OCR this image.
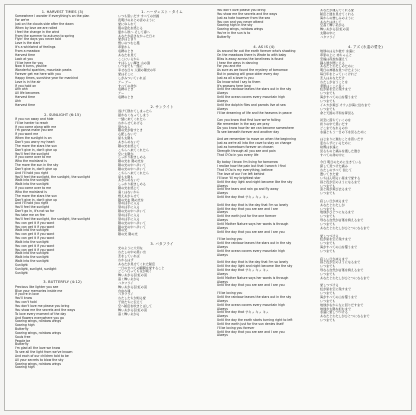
1. HARVEST TIMES (3)
Somewhere I wonder if everything's on the plan
For we're
Just on the clouds side after the dawn
When by love we are rolled
I feel the change in the wind
From the summer to autumn to spring
Flyin' the days you never told
Love is the start
It's a whirlwind of feelings
From a meadow
Harvest time
Look at you
I'll be here for you
Now it turns, youlike
Wonderful sparkles, mountain peaks
Forever get me here with you
Happy times, sunshine year for mankind
Love is in the air
If you hold on
Ahh ahh
All life becomes
Harvest time
Ahh
Harvest time
2. SUNLIGHT (6:15)
If you run away and hide
I'll be harder to reach
If you come along with me
I'm gonna make you see
If you want me
When the sunlight is on
Don't you worry my heart
The more the stars the sun
Don't give in, don't give up
You'll feel the sunlight
If you come over to me
Who the mainland is
The more the sun in the sky
Don't give in, don't give up
And I'll hold you right
You'll feel the sunlight, the sunlight, the sunlight
Walk into the sunlight
Walk into the sunlight
If you come over to me
Who the mainland is
The more the stars the sun
Don't give in, don't give up
And I'll hold you right
You'll feel the sunlight
Don't go in, it's not so far
You take me on fire
You'll feel the sunlight, the sunlight, the sunlight
You can get it if you want
You can get it if you want
Walk into the sunlight
You can get it if you want
You can get it if you want
Walk into the sunlight
You can get it if you want
You can get it if you want
Walk into the sunlight
Walk into the sunlight
Walk into the sunlight
Sunlight
Sunlight, sunlight, sunlight
Sunlight
3. BUTTERFLY (4:12)
Precious like lighter you see
Blue your memories inside me
If you're in love
You'll know
You can't hold
You don't love me please you bring
You show me the secrets and the ways
To love every moment of the day
And flowers everywhere you go
Soaring wings, rainbow wings
Soaring high
Butterfly
Soaring wings, rainbow wings
Souls free
People be
Butterfly
I'm glad all the love we know
To see all the light from we've known
And each of our children told to be
All your secrets to blow the sky
Soaring wings, rainbow wings
Soaring high
1. ハーヴェスト・タイム
いつも思いだす すべての計画
夜明けのあとの雲のように
愛にゆられて
風の変化を感じる
夏から秋へ そして春へ
あなたが話さなかった日々
愛がはじまり
想いのつむじ風
草原から
収穫のとき
あなたを見て
ここにいるから
すばらしい輝き 山の頂
いつまでも一緒に
幸せな日々 人類の陽光の年
愛はそこに
しがみついていれば
アー アー
すべての命が
収穫のとき
アー
収穫のとき
2. サンライト
逃げて隠れてしまったら
届かなくなってしまう
一緒に来てくれたら
わからせてあげる
望むなら
陽の光が射すとき
心配しないで
星も太陽も
あきらめないで
陽の光を感じて
こちらへ来てくれたら
空に太陽が
しっかり抱きしめる
陽の光を 陽の光を
陽の光の中へ歩いて
陽の光の中へ歩いて
こちらへ来てくれたら
星も太陽も
あきらめないで
しっかり抱きしめる
陽の光を感じて
遠くはないから
燃えあがらせて
陽の光を 陽の光を
望めば手に入る
望めば手に入る
陽の光の中へ歩いて
望めば手に入る
望めば手に入る
陽の光の中へ歩いて
陽の光の中へ歩いて
陽の光
陽の光 陽の光
3. バタフライ
光のように大切な
わたしの中の思い出
恋をしていれば
わかるはず
あなたが見せてくれた秘密
一日のすべての瞬間を愛すること
どこへ行っても花が咲く
舞いあがる羽 虹の羽
高く舞いあがる
バタフライ
舞いあがる羽 虹の羽
自由な魂
バタフライ
わたしたちが知る愛
子供たちに伝えて
空へ秘密を吹きとばして
舞いあがる羽 虹の羽
高く舞いあがる
You don't love please you bring
You show me the secrets and the ways
Just as hate however from the sea
You can and you never attend
Soaring high in the sky
Soaring wings, rainbow wings
You're in the sun is to
Butterfly
4. AS IS (4)
As around far out the earth forever who's shooting
On the meadows there is Wrote to with baby
Bliss is away across the loneliness is found
I hear the ways in dancing
For you and me
As sure as we found the mystery of tomorrow
But in passing will grow older every day
Just as all a lover is you
Do know what I say to them
It's seasons here long
Until the rainbow leaves the stars out in the sky
Always
Until the ocean covers every mountain high
Always
Until the dolphin flies and parrots live at sea
Always
I'll be dreaming of life and the heavens in peace
Can you know that first love we're falling
We remember in the way we pray
Do you know how far we can become somewhere
To see beneath forever and another day
And we remember to move on when the beginning
Just as we're all into the cave to stay on change
Just as hometown forever on chosen
Strength through all you see and pain
That O'Oo in you every life
By today I know I'm living for tomorrow
I realize how the pain but that I search I find
That O'Oo is my everything, believe
The love of our I've left behind
I'll love 'til my brightest star
Until the day light and night become like the sky
Always
Until the tears and rain go and fly away
Always
Until the day that サキュ キュ キュ
Until the day that is the day that I'm so lonely
Until the day that you are see and I are
Always
Until the earth just for the one forever
Always
Until Mother Nature says her words is through
Always
Until the day that you are see and I are you
I'll be loving you
Until the rainbow leaves the stars out in the sky
Always
Until the ocean covers every mountain high
Always
Until the day that is the day that I'm so lonely
Until the day light and night become like the sky
Until the day that サキュ キュ キュ
Always
Until Mother Nature says her words is through
Always
Until the day that you are see and I are you
I'll be loving you
Until the rainbow leaves the stars out in the sky
Always
Until the ocean covers every mountain high
Always
Until the day that サキュ キュ キュ
Always
Until the day the earth starts turning right to left
Until the earth just for the sun denies itself
I'll be loving you forever
Until the day that you are see and I are you
Always
あなたが運んでくれる愛
秘密と道を見せてくれる
海からの憎しみのように
あなたは決して
空高く舞いあがる
舞いあがる羽 虹の羽
太陽の中に
バタフライ
4. アズ (永遠の愛を)
地球のはるか彼方 永遠に
草原の上に 赤ちゃんと
至福は孤独を越えて
踊る道が聞こえる
あなたとわたしのために
明日の神秘を見つけたように
毎日年をとっていくけれど
恋人はあなただけ
わたしが言うことを
季節はここに長く
虹が星を空に残すまで
いつまでも
海がすべての山を覆うまで
いつまでも
イルカが飛び オウムが海に住むまで
いつまでも
命と天国の平和を夢見る
初恋に落ちていくのを
祈りの中で思いだす
どこまでなれるのか
永遠ともう一日の下を見るために
はじまりに進むことを思いだす
変わらずにいるために
故郷は永遠に
見るものと痛みを通した強さ
すべての命の中に
今日 明日のために生きている
探して見つけた痛み
わたしのすべて 信じて
置いてきた愛
いちばん明るい星まで愛する
昼と夜が空のようになるまで
いつまでも
涙と雨が飛び去るまで
いつまでも
寂しい日が来るまで
あなたとわたしが
いつまでも
地球がひとつになるまで
いつまでも
母なる自然が言葉を終えるまで
いつまでも
あなたとわたしがひとつになるまで
愛しつづける
虹が星を空に残すまで
いつまでも
海がすべての山を覆うまで
いつまでも
寂しい日が来るまで
昼と夜が空のようになるまで
いつまでも
母なる自然が言葉を終えるまで
いつまでも
あなたとわたしがひとつになるまで
愛しつづける
虹が星を空に残すまで
いつまでも
海がすべての山を覆うまで
いつまでも
地球が右から左に回りだすまで
地球が太陽を拒むまで
永遠に愛しつづける
あなたとわたしがひとつになるまで
いつまでも
